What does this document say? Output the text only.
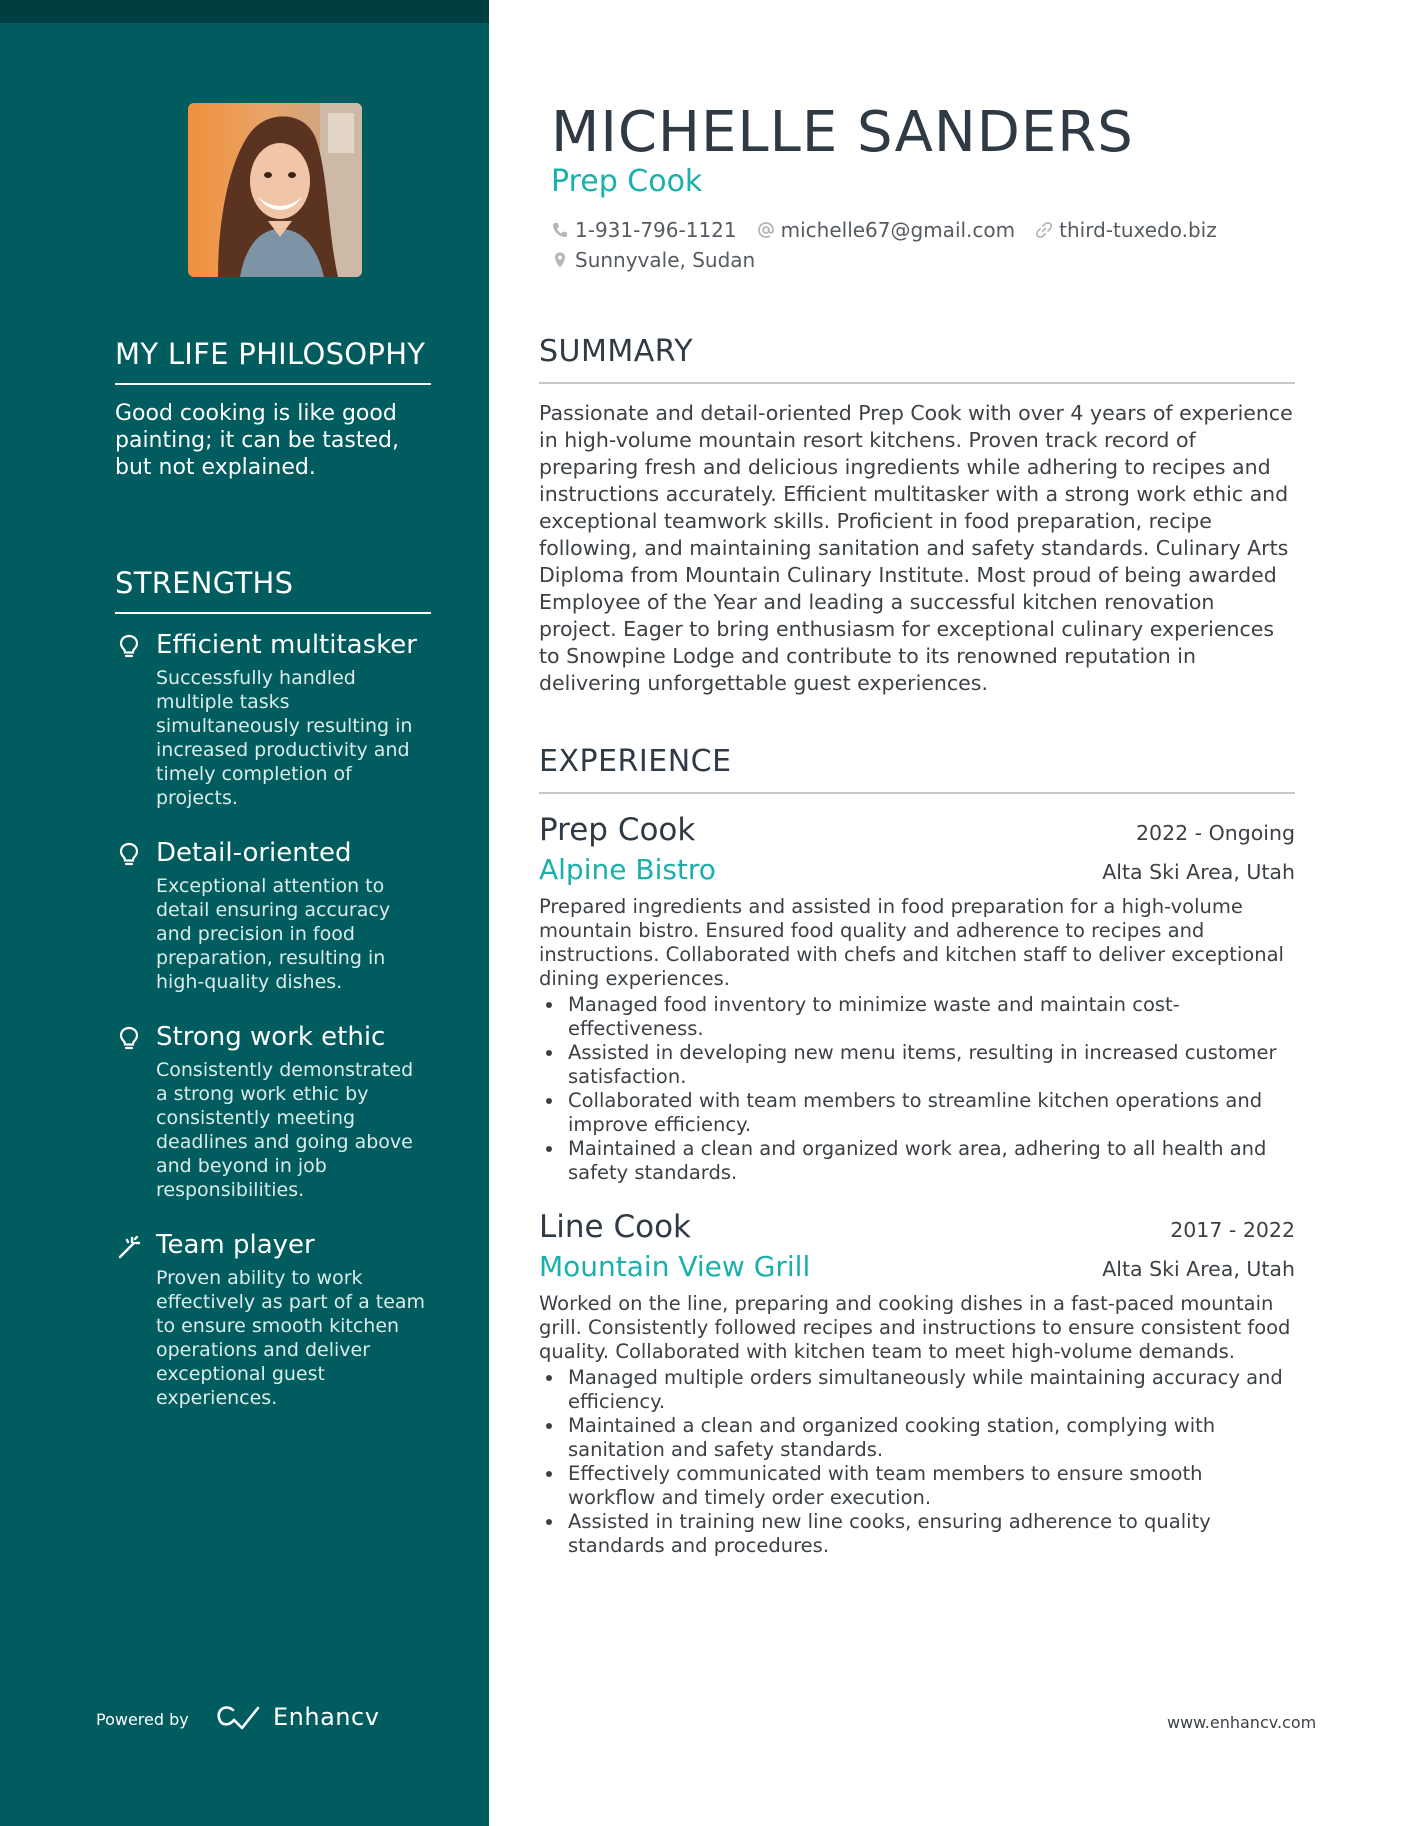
MY LIFE PHILOSOPHY

Good cooking is like good painting; it can be tasted, but not explained.

STRENGTHS
Efficient multitasker
Successfully handled multiple tasks simultaneously resulting in increased productivity and timely completion of projects.
Detail-oriented
Exceptional attention to detail ensuring accuracy and precision in food preparation, resulting in high-quality dishes.
Strong work ethic
Consistently demonstrated a strong work ethic by consistently meeting deadlines and going above and beyond in job responsibilities.
Team player
Proven ability to work effectively as part of a team to ensure smooth kitchen operations and deliver exceptional guest experiences.
Powered by	Enhancv
MICHELLE SANDERS
Prep Cook
1-931-796-1121 michelle67@gmail.com third-tuxedo.biz
Sunnyvale, Sudan
SUMMARY

Passionate and detail-oriented Prep Cook with over 4 years of experience in high-volume mountain resort kitchens. Proven track record of preparing fresh and delicious ingredients while adhering to recipes and instructions accurately. Efficient multitasker with a strong work ethic and exceptional teamwork skills. Proficient in food preparation, recipe following, and maintaining sanitation and safety standards. Culinary Arts Diploma from Mountain Culinary Institute. Most proud of being awarded Employee of the Year and leading a successful kitchen renovation project. Eager to bring enthusiasm for exceptional culinary experiences to Snowpine Lodge and contribute to its renowned reputation in delivering unforgettable guest experiences.

EXPERIENCE
Prep Cook	2022 - Ongoing
Alpine Bistro	Alta Ski Area, Utah

Prepared ingredients and assisted in food preparation for a high-volume mountain bistro. Ensured food quality and adherence to recipes and instructions. Collaborated with chefs and kitchen staff to deliver exceptional dining experiences.

Managed food inventory to minimize waste and maintain cost-effectiveness.
Assisted in developing new menu items, resulting in increased customer satisfaction.
Collaborated with team members to streamline kitchen operations and improve efficiency.
Maintained a clean and organized work area, adhering to all health and safety standards.
Line Cook	2017 - 2022
Mountain View Grill	Alta Ski Area, Utah

Worked on the line, preparing and cooking dishes in a fast-paced mountain grill. Consistently followed recipes and instructions to ensure consistent food quality. Collaborated with kitchen team to meet high-volume demands.

Managed multiple orders simultaneously while maintaining accuracy and efficiency.
Maintained a clean and organized cooking station, complying with sanitation and safety standards.
Effectively communicated with team members to ensure smooth workflow and timely order execution.
Assisted in training new line cooks, ensuring adherence to quality standards and procedures.
www.enhancv.com
